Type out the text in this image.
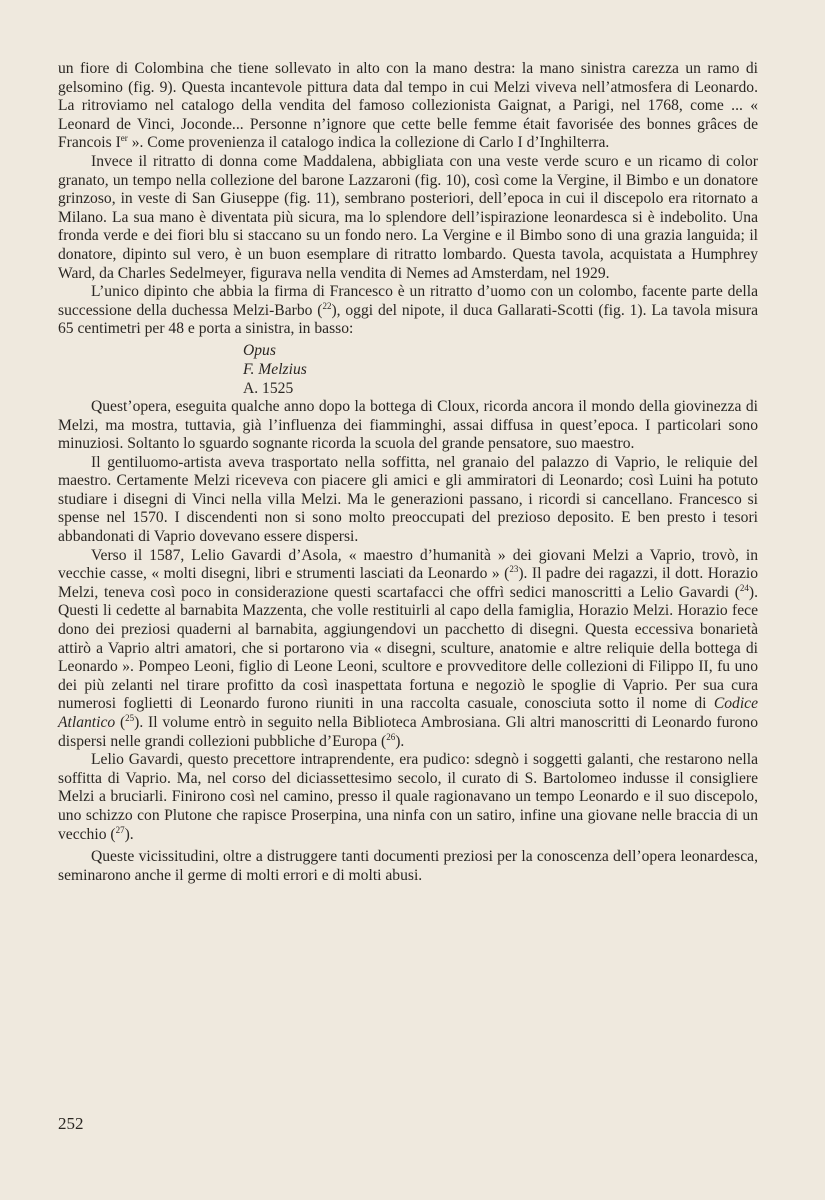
un fiore di Colombina che tiene sollevato in alto con la mano destra: la mano sinistra carezza un ramo di gelsomino (fig. 9). Questa incantevole pittura data dal tempo in cui Melzi viveva nell’atmosfera di Leonardo. La ritroviamo nel catalogo della vendita del famoso collezionista Gaignat, a Parigi, nel 1768, come ... « Leonard de Vinci, Joconde... Personne n’ignore que cette belle femme était favorisée des bonnes grâces de Francois Ier ». Come provenienza il catalogo indica la collezione di Carlo I d’Inghilterra.

Invece il ritratto di donna come Maddalena, abbigliata con una veste verde scuro e un ricamo di color granato, un tempo nella collezione del barone Lazzaroni (fig. 10), così come la Vergine, il Bimbo e un donatore grinzoso, in veste di San Giuseppe (fig. 11), sembrano posteriori, dell’epoca in cui il discepolo era ritornato a Milano. La sua mano è diventata più sicura, ma lo splendore dell’ispirazione leonardesca si è indebolito. Una fronda verde e dei fiori blu si staccano su un fondo nero. La Vergine e il Bimbo sono di una grazia languida; il donatore, dipinto sul vero, è un buon esemplare di ritratto lombardo. Questa tavola, acquistata a Humphrey Ward, da Charles Sedelmeyer, figurava nella vendita di Nemes ad Amsterdam, nel 1929.

L’unico dipinto che abbia la firma di Francesco è un ritratto d’uomo con un colombo, facente parte della successione della duchessa Melzi-Barbo ($^{22}$), oggi del nipote, il duca Gallarati-Scotti (fig. 1). La tavola misura 65 centimetri per 48 e porta a sinistra, in basso:

Opus
F. Melzius
A. 1525

Quest’opera, eseguita qualche anno dopo la bottega di Cloux, ricorda ancora il mondo della giovinezza di Melzi, ma mostra, tuttavia, già l’influenza dei fiamminghi, assai diffusa in quest’epoca. I particolari sono minuziosi. Soltanto lo sguardo sognante ricorda la scuola del grande pensatore, suo maestro.

Il gentiluomo-artista aveva trasportato nella soffitta, nel granaio del palazzo di Vaprio, le reliquie del maestro. Certamente Melzi riceveva con piacere gli amici e gli ammiratori di Leonardo; così Luini ha potuto studiare i disegni di Vinci nella villa Melzi. Ma le generazioni passano, i ricordi si cancellano. Francesco si spense nel 1570. I discendenti non si sono molto preoccupati del prezioso deposito. E ben presto i tesori abbandonati di Vaprio dovevano essere dispersi.

Verso il 1587, Lelio Gavardi d’Asola, « maestro d’humanità » dei giovani Melzi a Vaprio, trovò, in vecchie casse, « molti disegni, libri e strumenti lasciati da Leonardo » ($^{23}$). Il padre dei ragazzi, il dott. Horazio Melzi, teneva così poco in considerazione questi scartafacci che offrì sedici manoscritti a Lelio Gavardi ($^{24}$). Questi li cedette al barnabita Mazzenta, che volle restituirli al capo della famiglia, Horazio Melzi. Horazio fece dono dei preziosi quaderni al barnabita, aggiungendovi un pacchetto di disegni. Questa eccessiva bonarietà attirò a Vaprio altri amatori, che si portarono via « disegni, sculture, anatomie e altre reliquie della bottega di Leonardo ». Pompeo Leoni, figlio di Leone Leoni, scultore e provveditore delle collezioni di Filippo II, fu uno dei più zelanti nel tirare profitto da così inaspettata fortuna e negoziò le spoglie di Vaprio. Per sua cura numerosi foglietti di Leonardo furono riuniti in una raccolta casuale, conosciuta sotto il nome di Codice Atlantico ($^{25}$). Il volume entrò in seguito nella Biblioteca Ambrosiana. Gli altri manoscritti di Leonardo furono dispersi nelle grandi collezioni pubbliche d’Europa ($^{26}$).

Lelio Gavardi, questo precettore intraprendente, era pudico: sdegnò i soggetti galanti, che restarono nella soffitta di Vaprio. Ma, nel corso del diciassettesimo secolo, il curato di S. Bartolomeo indusse il consigliere Melzi a bruciarli. Finirono così nel camino, presso il quale ragionavano un tempo Leonardo e il suo discepolo, uno schizzo con Plutone che rapisce Proserpina, una ninfa con un satiro, infine una giovane nelle braccia di un vecchio ($^{27}$).

Queste vicissitudini, oltre a distruggere tanti documenti preziosi per la conoscenza dell’opera leonardesca, seminarono anche il germe di molti errori e di molti abusi.

252
